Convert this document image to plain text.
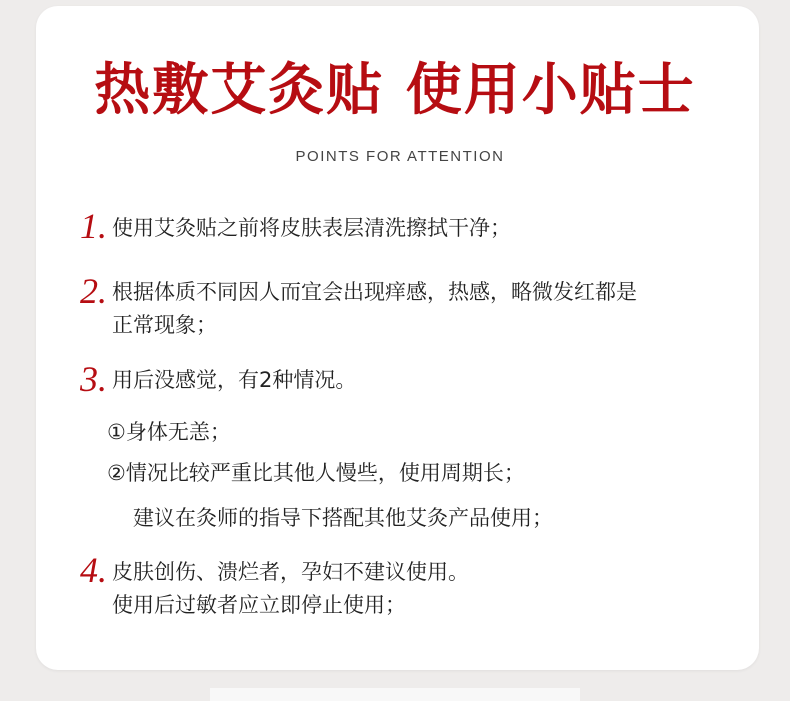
热敷艾灸贴 使用小贴士
POINTS FOR ATTENTION
1. 使用艾灸贴之前将皮肤表层清洗擦拭干净；
2. 根据体质不同因人而宜会出现痒感，热感，略微发红都是
正常现象；
3. 用后没感觉，有2种情况。
①身体无恙；
②情况比较严重比其他人慢些，使用周期长；
建议在灸师的指导下搭配其他艾灸产品使用；
4. 皮肤创伤、溃烂者，孕妇不建议使用。
使用后过敏者应立即停止使用；
